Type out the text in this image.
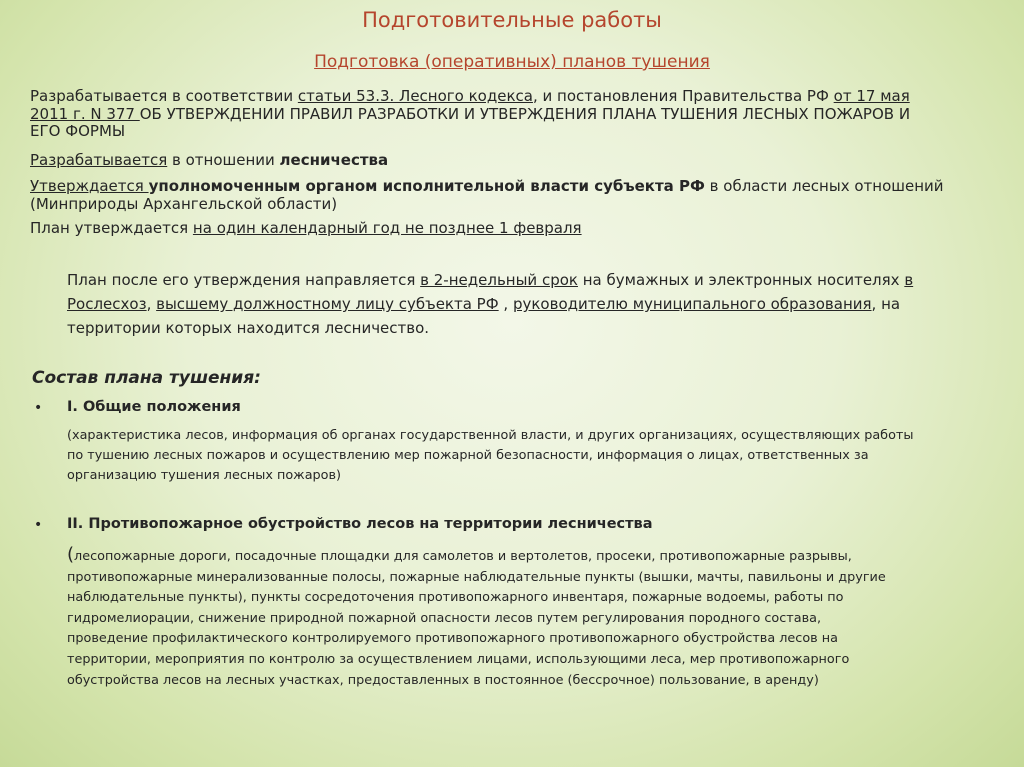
Подготовительные работы
Подготовка (оперативных) планов тушения
Разрабатывается в соответствии статьи 53.3. Лесного кодекса, и постановления Правительства РФ от 17 мая
2011 г. N 377 ОБ УТВЕРЖДЕНИИ ПРАВИЛ РАЗРАБОТКИ И УТВЕРЖДЕНИЯ ПЛАНА ТУШЕНИЯ ЛЕСНЫХ ПОЖАРОВ И
ЕГО ФОРМЫ
Разрабатывается в отношении лесничества
Утверждается уполномоченным органом исполнительной власти субъекта РФ в области лесных отношений
(Минприроды Архангельской области)
План утверждается на один календарный год не позднее 1 февраля
План после его утверждения направляется в 2-недельный срок на бумажных и электронных носителях в
Рослесхоз, высшему должностному лицу субъекта РФ , руководителю муниципального образования, на
территории которых находится лесничество.
Состав плана тушения:
• I. Общие положения
(характеристика лесов, информация об органах государственной власти, и других организациях, осуществляющих работы
по тушению лесных пожаров и осуществлению мер пожарной безопасности, информация о лицах, ответственных за
организацию тушения лесных пожаров)
• II. Противопожарное обустройство лесов на территории лесничества
(лесопожарные дороги, посадочные площадки для самолетов и вертолетов, просеки, противопожарные разрывы,
противопожарные минерализованные полосы, пожарные наблюдательные пункты (вышки, мачты, павильоны и другие
наблюдательные пункты), пункты сосредоточения противопожарного инвентаря, пожарные водоемы, работы по
гидромелиорации, снижение природной пожарной опасности лесов путем регулирования породного состава,
проведение профилактического контролируемого противопожарного противопожарного обустройства лесов на
территории, мероприятия по контролю за осуществлением лицами, использующими леса, мер противопожарного
обустройства лесов на лесных участках, предоставленных в постоянное (бессрочное) пользование, в аренду)
